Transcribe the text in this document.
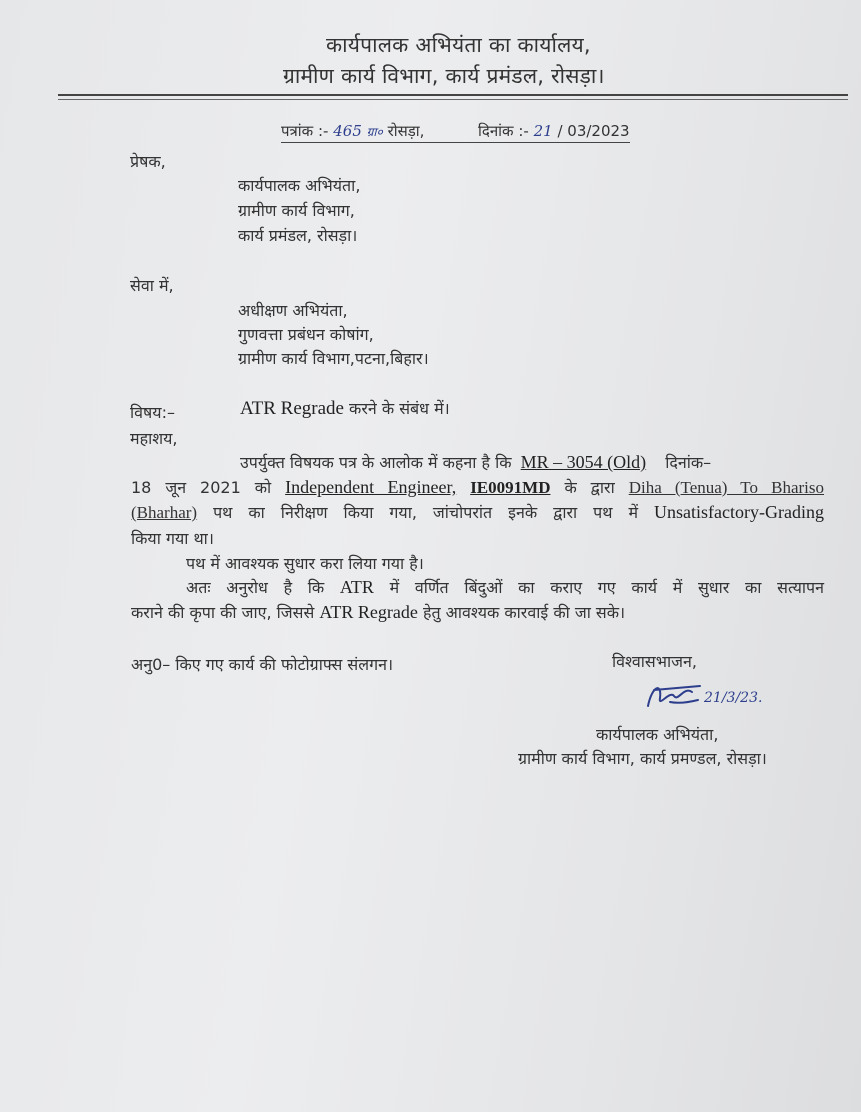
कार्यपालक अभियंता का कार्यालय,
ग्रामीण कार्य विभाग, कार्य प्रमंडल, रोसड़ा।
पत्रांक :- 465 ग्रा० रोसड़ा,	दिनांक :- 21 / 03/2023
प्रेषक,
कार्यपालक अभियंता,
ग्रामीण कार्य विभाग,
कार्य प्रमंडल, रोसड़ा।
सेवा में,
अधीक्षण अभियंता,
गुणवत्ता प्रबंधन कोषांग,
ग्रामीण कार्य विभाग,पटना,बिहार।
विषय:–	ATR Regrade करने के संबंध में।
महाशय,
उपर्युक्त विषयक पत्र के आलोक में कहना है कि MR – 3054 (Old) दिनांक–
18 जून 2021 को Independent Engineer, IE0091MD के द्वारा Diha (Tenua) To Bhariso
(Bharhar) पथ का निरीक्षण किया गया, जांचोपरांत इनके द्वारा पथ में Unsatisfactory-Grading
किया गया था।
पथ में आवश्यक सुधार करा लिया गया है।
अतः अनुरोध है कि ATR में वर्णित बिंदुओं का कराए गए कार्य में सुधार का सत्यापन
कराने की कृपा की जाए, जिससे ATR Regrade हेतु आवश्यक कारवाई की जा सके।
अनु0– किए गए कार्य की फोटोग्राफ्स संलगन।	विश्वासभाजन,
21/3/23.
कार्यपालक अभियंता,
ग्रामीण कार्य विभाग, कार्य प्रमण्डल, रोसड़ा।
